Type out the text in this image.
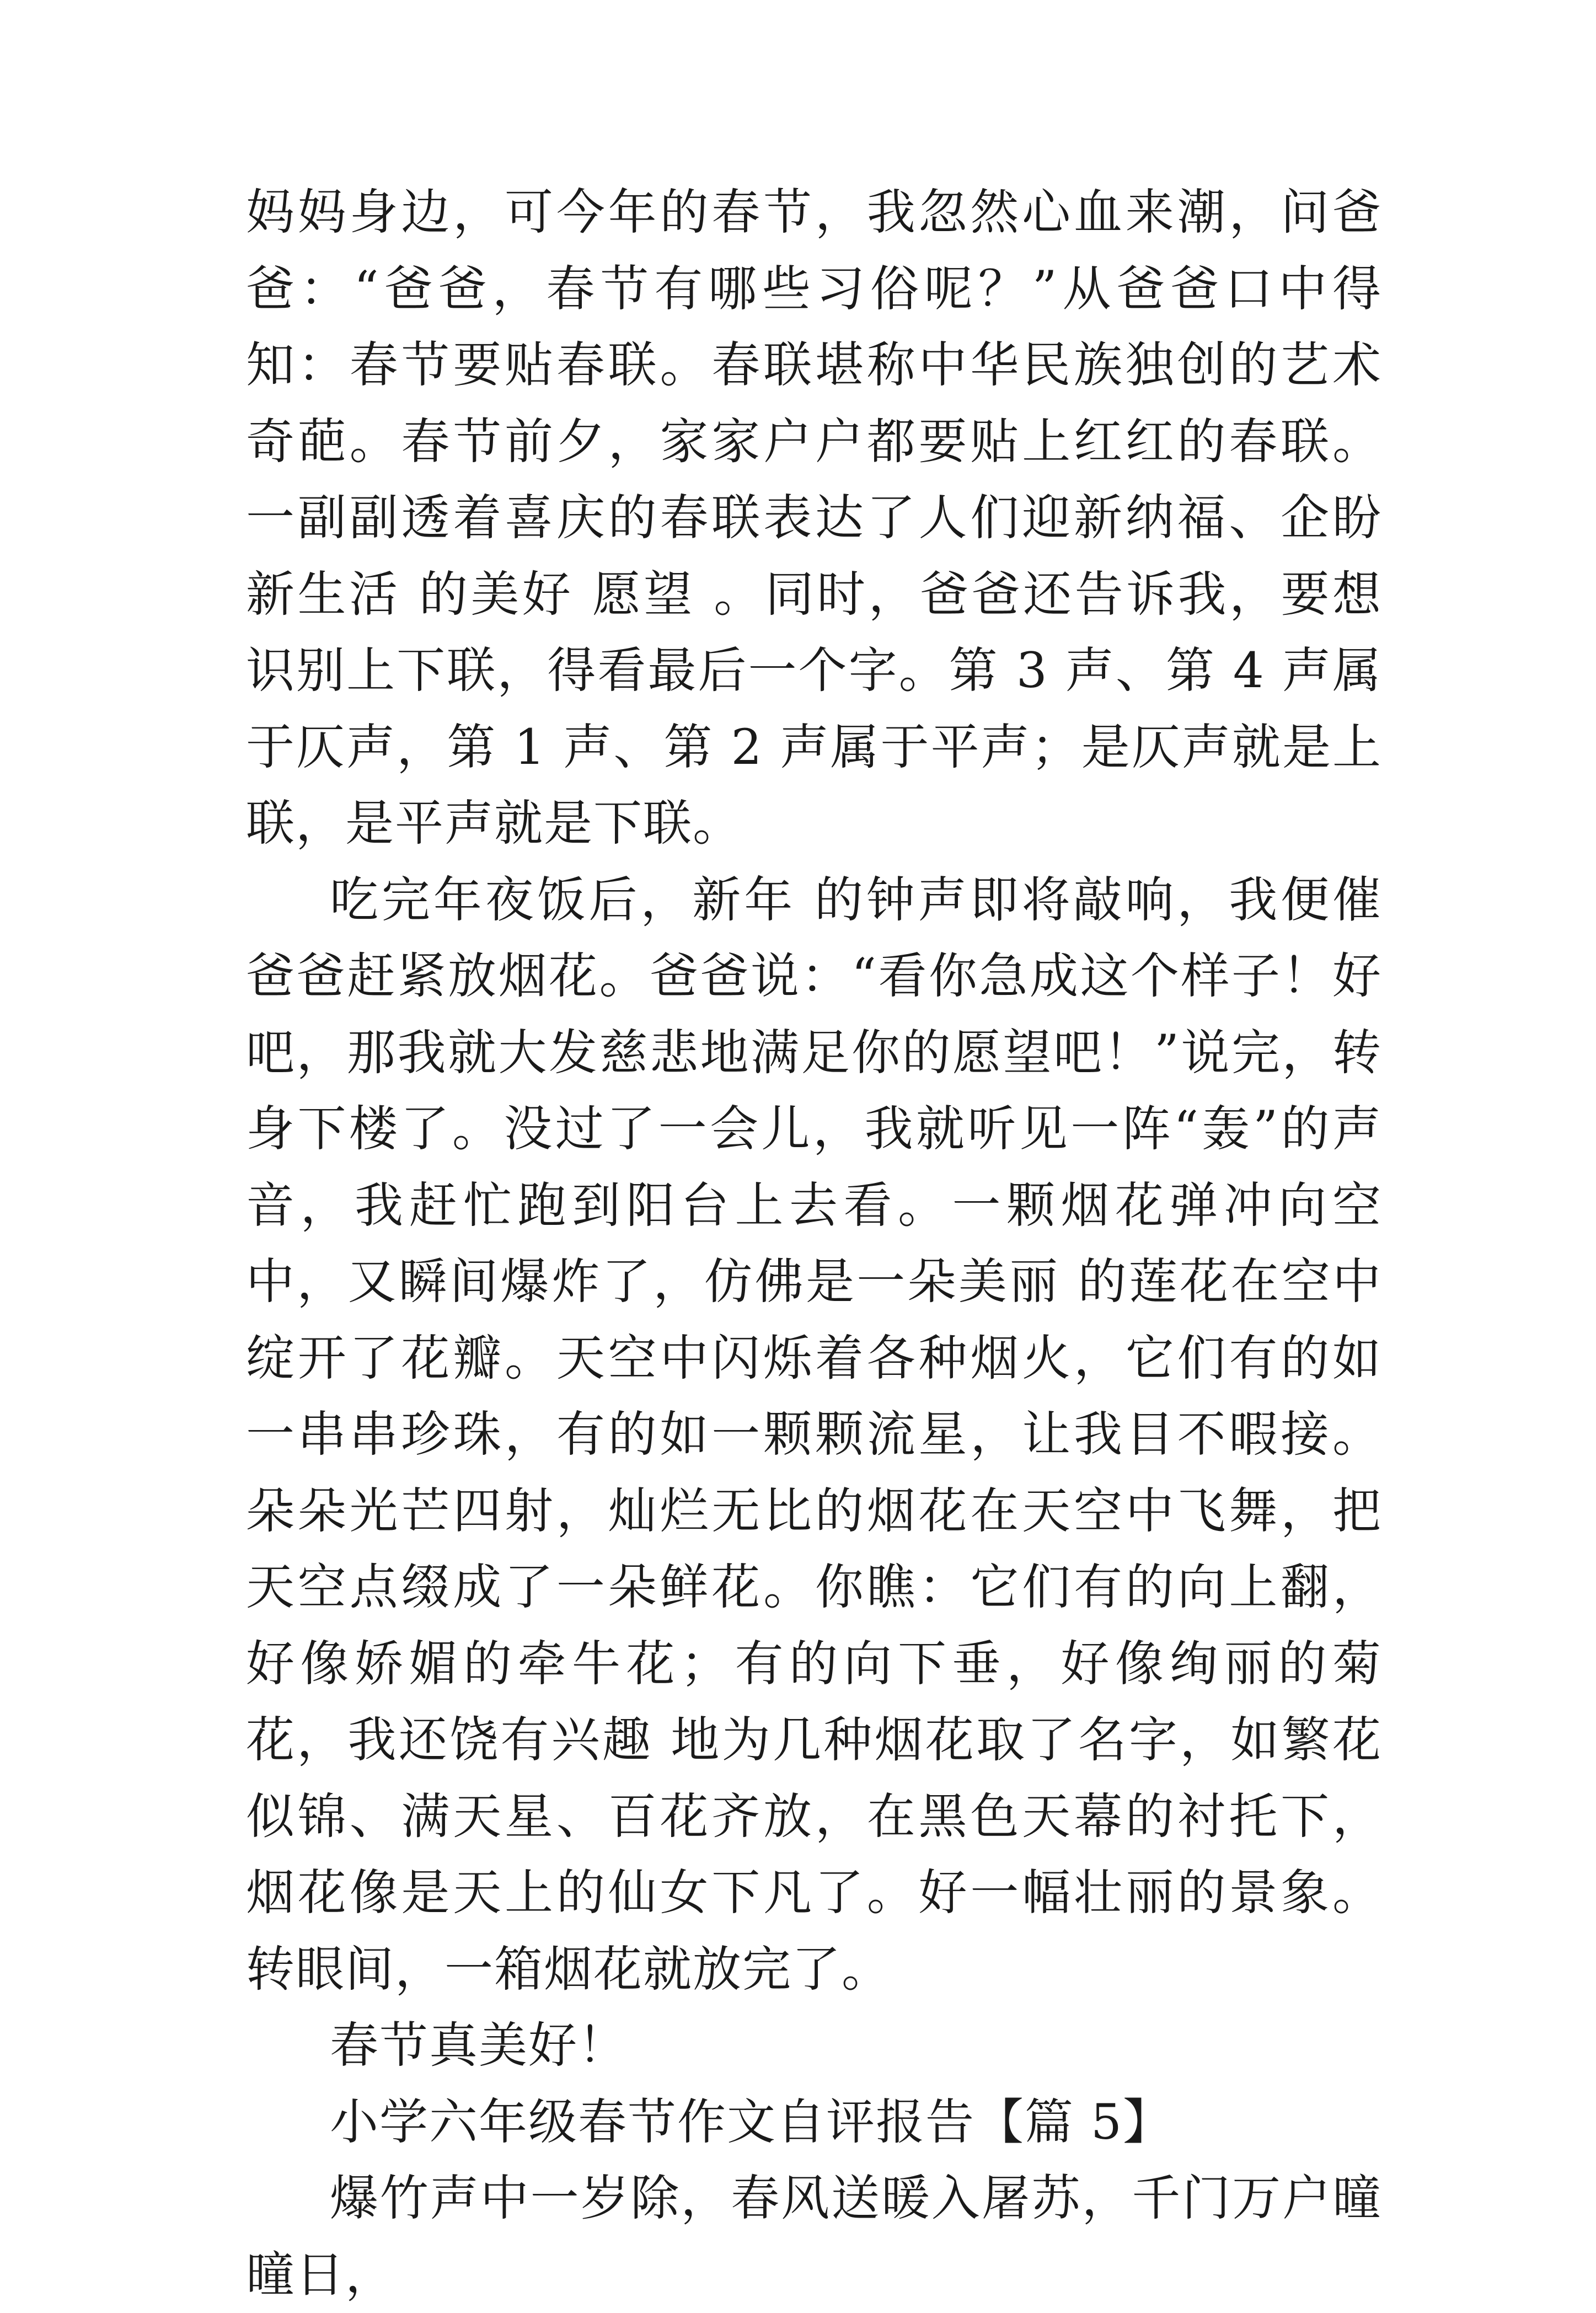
妈妈身边，可今年的春节，我忽然心血来潮，问爸爸：“爸爸，春节有哪些习俗呢？”从爸爸口中得知：春节要贴春联。春联堪称中华民族独创的艺术 奇葩。春节前夕，家家户户都要贴上红红的春联。一副副透着喜庆的春联表达了人们迎新纳福、企盼新生活 的美好 愿望 。同时，爸爸还告诉我，要想识别上下联，得看最后一个字。第 3 声、第 4 声属于仄声，第 1 声、第 2 声属于平声；是仄声就是上联，是平声就是下联。

吃完年夜饭后，新年 的钟声即将敲响，我便催爸爸赶紧放烟花。爸爸说：“看你急成这个样子！好吧，那我就大发慈悲地满足你的愿望吧！”说完，转身下楼了。没过了一会儿，我就听见一阵“轰”的声音，我赶忙跑到阳台上去看。一颗烟花弹冲向空中，又瞬间爆炸了，仿佛是一朵美丽 的莲花在空中绽开了花瓣。天空中闪烁着各种烟火，它们有的如一串串珍珠，有的如一颗颗流星，让我目不暇接。朵朵光芒四射，灿烂无比的烟花在天空中飞舞，把天空点缀成了一朵鲜花。你瞧：它们有的向上翻，好像娇媚的牵牛花；有的向下垂，好像绚丽的菊花，我还饶有兴趣 地为几种烟花取了名字，如繁花似锦、满天星、百花齐放，在黑色天幕的衬托下，烟花像是天上的仙女下凡了。好一幅壮丽的景象。转眼间，一箱烟花就放完了。

春节真美好！

小学六年级春节作文自评报告【篇 5】

爆竹声中一岁除，春风送暖入屠苏，千门万户曈曈日，
